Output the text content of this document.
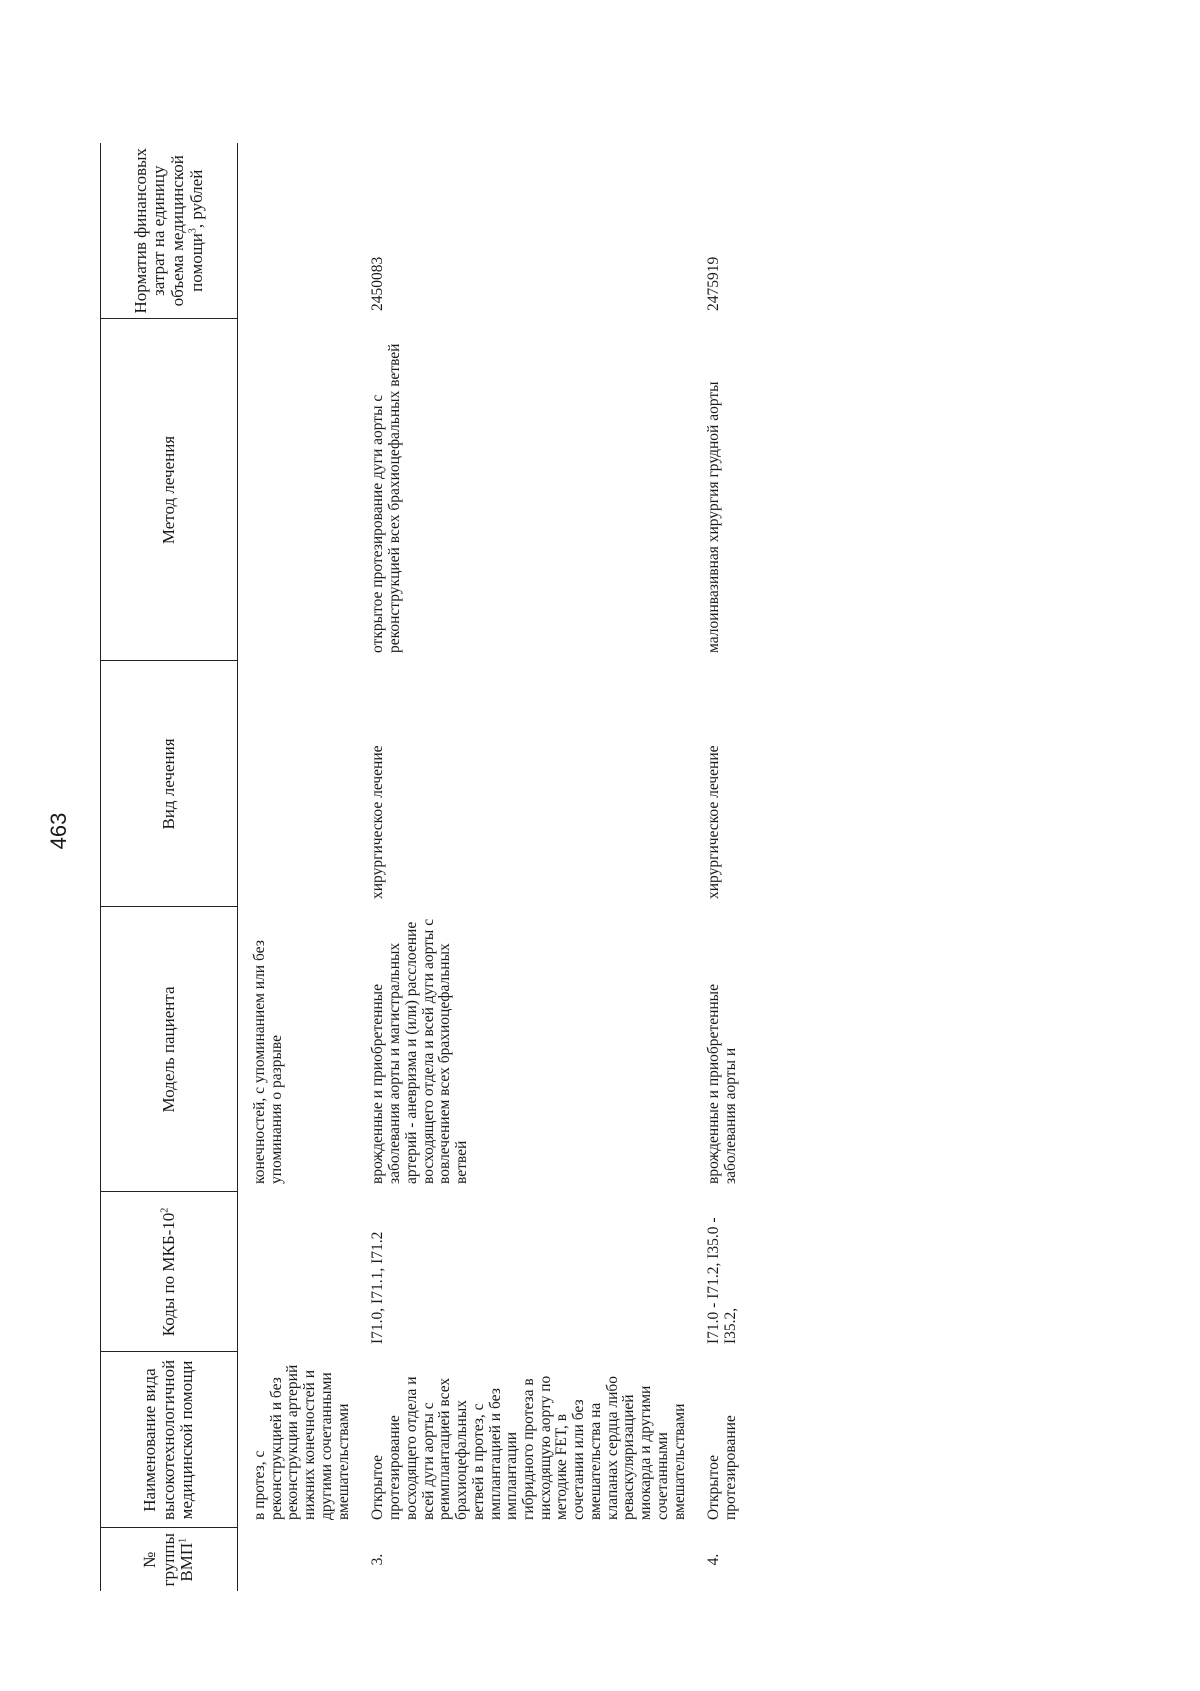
463
№ группы ВМП$^1$	Наименование вида высокотехнологичной медицинской помощи	Коды по МКБ-$10^2$	Модель пациента	Вид лечения	Метод лечения	Норматив финансовых затрат на единицу объема медицинской помощи$^3$, рублей
	в протез, с реконструкцией и без реконструкции артерий нижних конечностей и другими сочетанными вмешательствами		конечностей, с упоминанием или без упоминания о разрыве			
3.	Открытое протезирование восходящего отдела и всей дуги аорты с реимплантацией всех брахиоцефальных ветвей в протез, с имплантацией и без имплантации гибридного протеза в нисходящую аорту по методике FET, в сочетании или без вмешательства на клапанах сердца либо реваскуляризацией миокарда и другими сочетанными вмешательствами	I71.0, I71.1, I71.2	врожденные и приобретенные заболевания аорты и магистральных артерий - аневризма и (или) расслоение восходящего отдела и всей дуги аорты с вовлечением всех брахиоцефальных ветвей	хирургическое лечение	открытое протезирование дуги аорты с реконструкцией всех брахиоцефальных ветвей	2450083
4.	Открытое протезирование	I71.0 - I71.2, I35.0 - I35.2,	врожденные и приобретенные заболевания аорты и	хирургическое лечение	малоинвазивная хирургия грудной аорты	2475919
